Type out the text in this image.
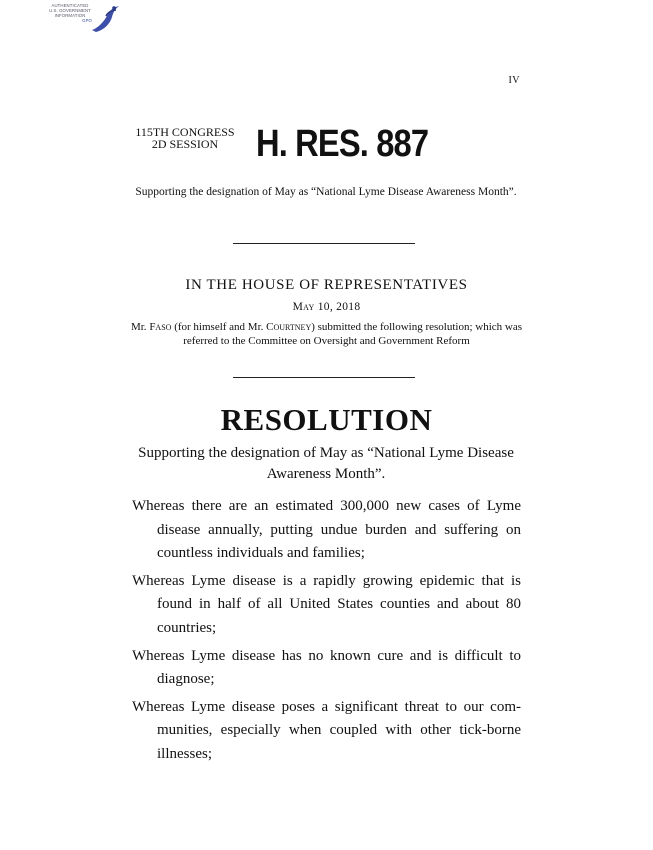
AUTHENTICATED
U.S. GOVERNMENT
INFORMATION
GPO
IV
115TH CONGRESS
2D SESSION H. RES. 887
Supporting the designation of May as “National Lyme Disease Awareness Month”.
IN THE HOUSE OF REPRESENTATIVES
May 10, 2018
Mr. Faso (for himself and Mr. Courtney) submitted the following resolution; which was referred to the Committee on Oversight and Government Reform
RESOLUTION
Supporting the designation of May as “National Lyme Disease Awareness Month”.

Whereas there are an estimated 300,000 new cases of Lyme disease annually, putting undue burden and suffering on countless individuals and families;

Whereas Lyme disease is a rapidly growing epidemic that is found in half of all United States counties and about 80 countries;

Whereas Lyme disease has no known cure and is difficult to diagnose;

Whereas Lyme disease poses a significant threat to our com-munities, especially when coupled with other tick-borne illnesses;
